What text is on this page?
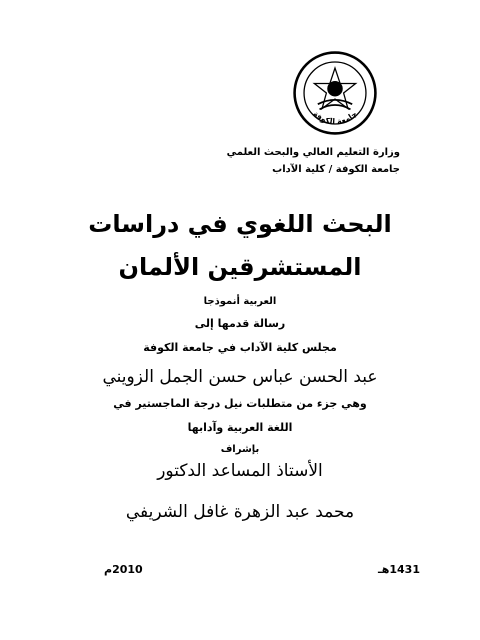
جامعة الكوفة
وزارة التعليم العالي والبحث العلمي
جامعة الكوفة / كلية الآداب
البحث اللغوي في دراسات
المستشرقين الألمان
العربية أنموذجا
رسالة قدمها إلى
مجلس كلية الآداب في جامعة الكوفة
عبد الحسن عباس حسن الجمل الزويني
وهي جزء من متطلبات نيل درجة الماجستير في
اللغة العربية وآدابها
بإشراف
الأستاذ المساعد الدكتور
محمد عبد الزهرة غافل الشريفي
1431هـ
2010م
